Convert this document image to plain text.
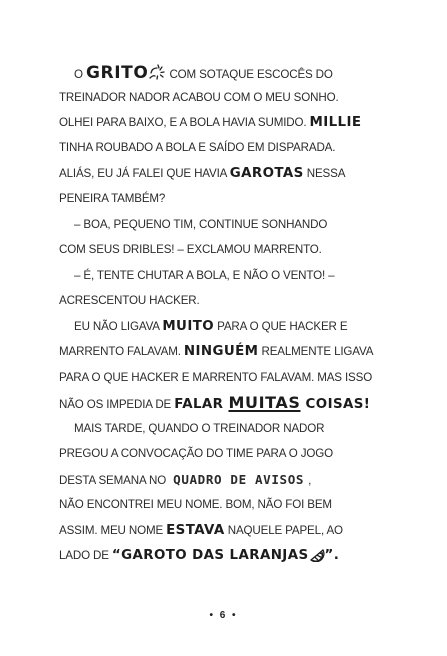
O GRITO COM SOTAQUE ESCOCÊS DO
TREINADOR NADOR ACABOU COM O MEU SONHO.
OLHEI PARA BAIXO, E A BOLA HAVIA SUMIDO. MILLIE
TINHA ROUBADO A BOLA E SAÍDO EM DISPARADA.
ALIÁS, EU JÁ FALEI QUE HAVIA GAROTAS NESSA
PENEIRA TAMBÉM?
– BOA, PEQUENO TIM, CONTINUE SONHANDO
COM SEUS DRIBLES! – EXCLAMOU MARRENTO.
– É, TENTE CHUTAR A BOLA, E NÃO O VENTO! –
ACRESCENTOU HACKER.
EU NÃO LIGAVA MUITO PARA O QUE HACKER E
MARRENTO FALAVAM. NINGUÉM REALMENTE LIGAVA
PARA O QUE HACKER E MARRENTO FALAVAM. MAS ISSO
NÃO OS IMPEDIA DE FALAR MUITAS COISAS!
MAIS TARDE, QUANDO O TREINADOR NADOR
PREGOU A CONVOCAÇÃO DO TIME PARA O JOGO
DESTA SEMANA NO QUADRO DE AVISOS ,
NÃO ENCONTREI MEU NOME. BOM, NÃO FOI BEM
ASSIM. MEU NOME ESTAVA NAQUELE PAPEL, AO
LADO DE “GAROTO DAS LARANJAS ”.
• 6 •
